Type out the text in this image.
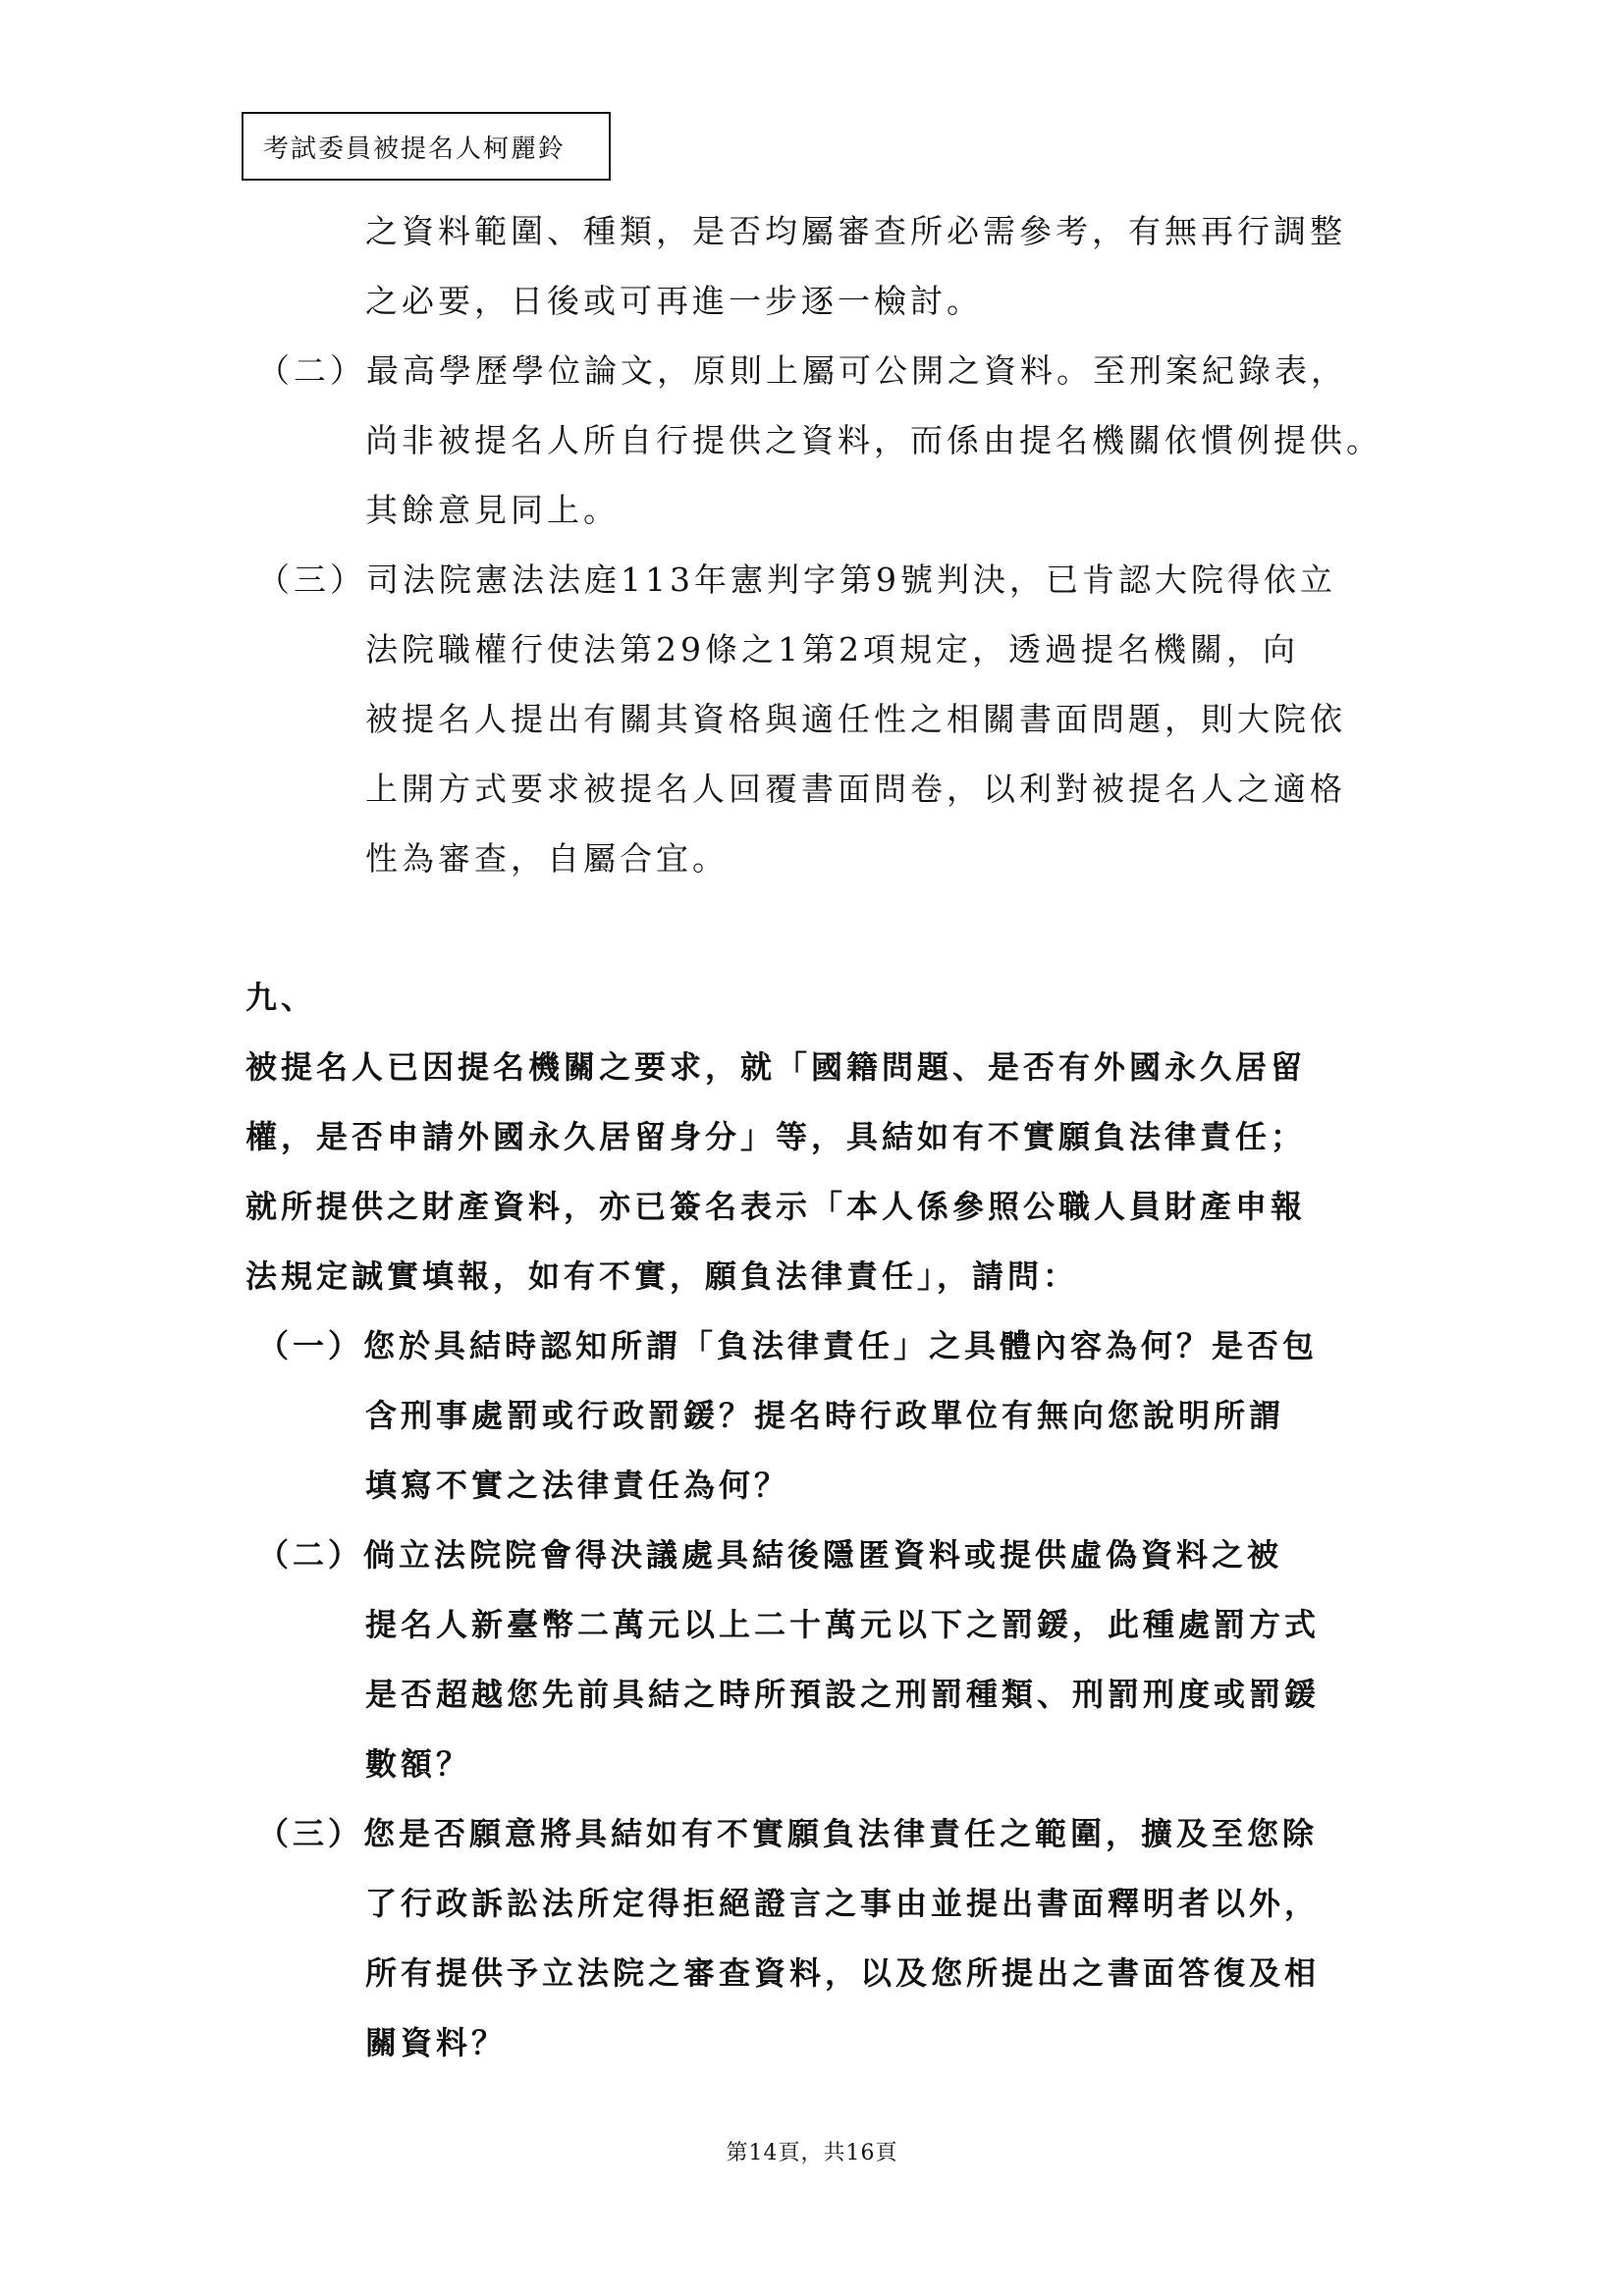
考試委員被提名人柯麗鈴
之資料範圍、種類，是否均屬審查所必需參考，有無再行調整
之必要，日後或可再進一步逐一檢討。
（二）最高學歷學位論文，原則上屬可公開之資料。至刑案紀錄表，
尚非被提名人所自行提供之資料，而係由提名機關依慣例提供。
其餘意見同上。
（三）司法院憲法法庭113年憲判字第9號判決，已肯認大院得依立
法院職權行使法第29條之1第2項規定，透過提名機關，向
被提名人提出有關其資格與適任性之相關書面問題，則大院依
上開方式要求被提名人回覆書面問卷，以利對被提名人之適格
性為審查，自屬合宜。
九、
被提名人已因提名機關之要求，就「國籍問題、是否有外國永久居留
權，是否申請外國永久居留身分」等，具結如有不實願負法律責任；
就所提供之財產資料，亦已簽名表示「本人係參照公職人員財產申報
法規定誠實填報，如有不實，願負法律責任」，請問：
（一）您於具結時認知所謂「負法律責任」之具體內容為何？是否包
含刑事處罰或行政罰鍰？提名時行政單位有無向您說明所謂
填寫不實之法律責任為何？
（二）倘立法院院會得決議處具結後隱匿資料或提供虛偽資料之被
提名人新臺幣二萬元以上二十萬元以下之罰鍰，此種處罰方式
是否超越您先前具結之時所預設之刑罰種類、刑罰刑度或罰鍰
數額？
（三）您是否願意將具結如有不實願負法律責任之範圍，擴及至您除
了行政訴訟法所定得拒絕證言之事由並提出書面釋明者以外，
所有提供予立法院之審查資料，以及您所提出之書面答復及相
關資料？
第14頁，共16頁
